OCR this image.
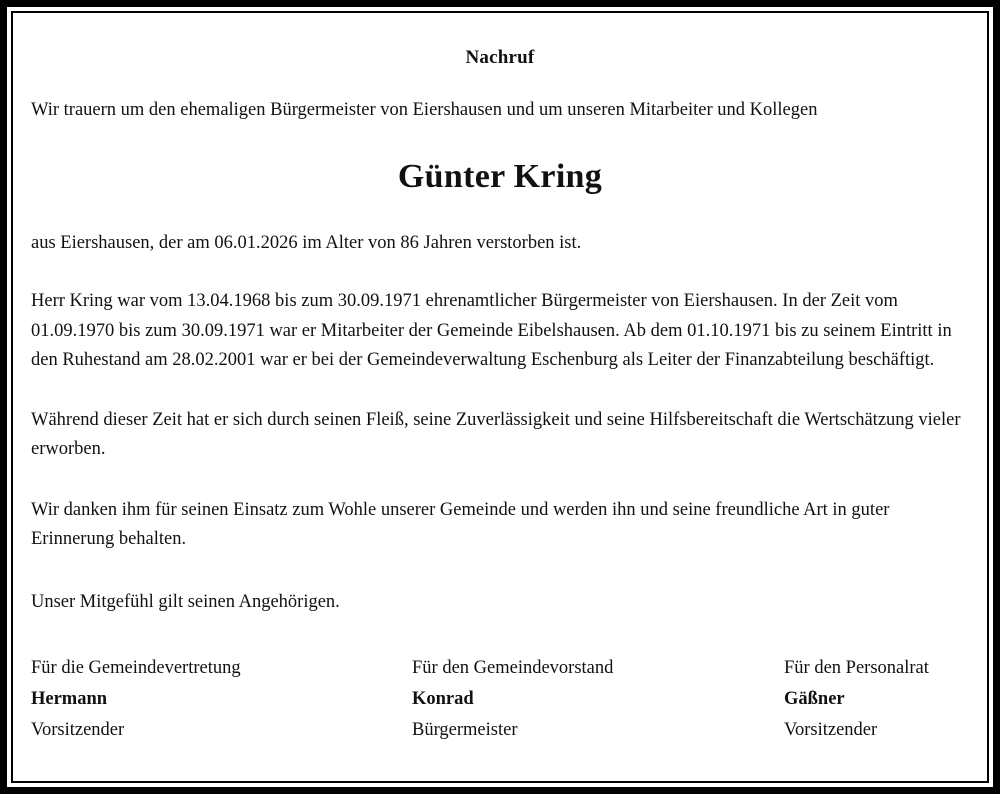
Nachruf

Wir trauern um den ehemaligen Bürgermeister von Eiershausen und um unseren Mitarbeiter und Kollegen

Günter Kring

aus Eiershausen, der am 06.01.2026 im Alter von 86 Jahren verstorben ist.

Herr Kring war vom 13.04.1968 bis zum 30.09.1971 ehrenamtlicher Bürgermeister von Eiershausen. In der Zeit vom 01.09.1970 bis zum 30.09.1971 war er Mitarbeiter der Gemeinde Eibelshausen. Ab dem 01.10.1971 bis zu seinem Eintritt in den Ruhestand am 28.02.2001 war er bei der Gemeindeverwaltung Eschenburg als Leiter der Finanzabteilung beschäftigt.

Während dieser Zeit hat er sich durch seinen Fleiß, seine Zuverlässigkeit und seine Hilfsbereitschaft die Wertschätzung vieler erworben.

Wir danken ihm für seinen Einsatz zum Wohle unserer Gemeinde und werden ihn und seine freundliche Art in guter Erinnerung behalten.

Unser Mitgefühl gilt seinen Angehörigen.

Für die Gemeindevertretung
Hermann
Vorsitzender
Für den Gemeindevorstand
Konrad
Bürgermeister
Für den Personalrat
Gäßner
Vorsitzender
